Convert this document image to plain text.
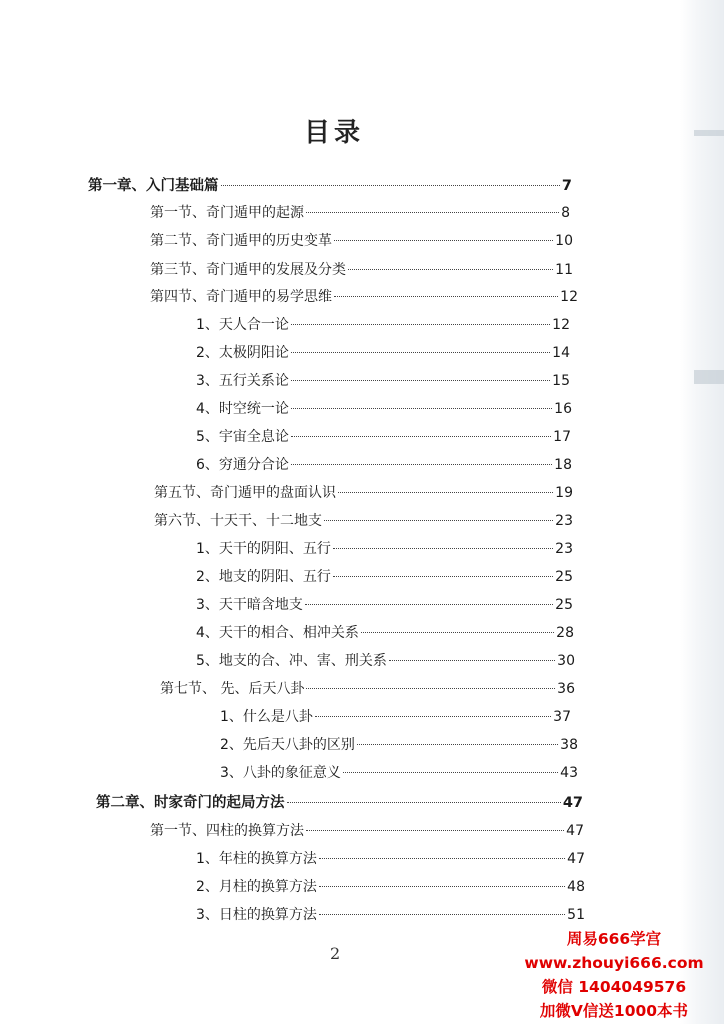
目录
第一章、入门基础篇	7
第一节、奇门遁甲的起源	8
第二节、奇门遁甲的历史变革	10
第三节、奇门遁甲的发展及分类	11
第四节、奇门遁甲的易学思维	12
1、天人合一论	12
2、太极阴阳论	14
3、五行关系论	15
4、时空统一论	16
5、宇宙全息论	17
6、穷通分合论	18
第五节、奇门遁甲的盘面认识	19
第六节、十天干、十二地支	23
1、天干的阴阳、五行	23
2、地支的阴阳、五行	25
3、天干暗含地支	25
4、天干的相合、相冲关系	28
5、地支的合、冲、害、刑关系	30
第七节、 先、后天八卦	36
1、什么是八卦	37
2、先后天八卦的区别	38
3、八卦的象征意义	43
第二章、时家奇门的起局方法	47
第一节、四柱的换算方法	47
1、年柱的换算方法	47
2、月柱的换算方法	48
3、日柱的换算方法	51
2
周易666学宫
www.zhouyi666.com
微信 1404049576
加微V信送1000本书
